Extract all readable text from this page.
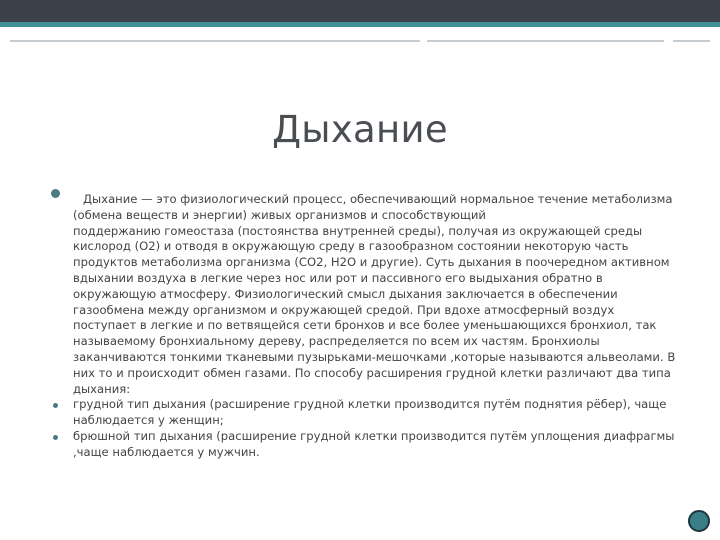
Дыхание
Дыхание — это физиологический процесс, обеспечивающий нормальное течение метаболизма
(обмена веществ и энергии) живых организмов и способствующий
поддержанию гомеостаза (постоянства внутренней среды), получая из окружающей среды
кислород (О2) и отводя в окружающую среду в газообразном состоянии некоторую часть
продуктов метаболизма организма (СО2, Н2О и другие). Суть дыхания в поочередном активном
вдыхании воздуха в легкие через нос или рот и пассивного его выдыхания обратно в
окружающую атмосферу. Физиологический смысл дыхания заключается в обеспечении
газообмена между организмом и окружающей средой. При вдохе атмосферный воздух
поступает в легкие и по ветвящейся сети бронхов и все более уменьшающихся бронхиол, так
называемому бронхиальному дереву, распределяется по всем их частям. Бронхиолы
заканчиваются тонкими тканевыми пузырьками-мешочками ,которые называются альвеолами. В
них то и происходит обмен газами. По способу расширения грудной клетки различают два типа
дыхания:
грудной тип дыхания (расширение грудной клетки производится путём поднятия рёбер), чаще
наблюдается у женщин;
брюшной тип дыхания (расширение грудной клетки производится путём уплощения диафрагмы
,чаще наблюдается у мужчин.
